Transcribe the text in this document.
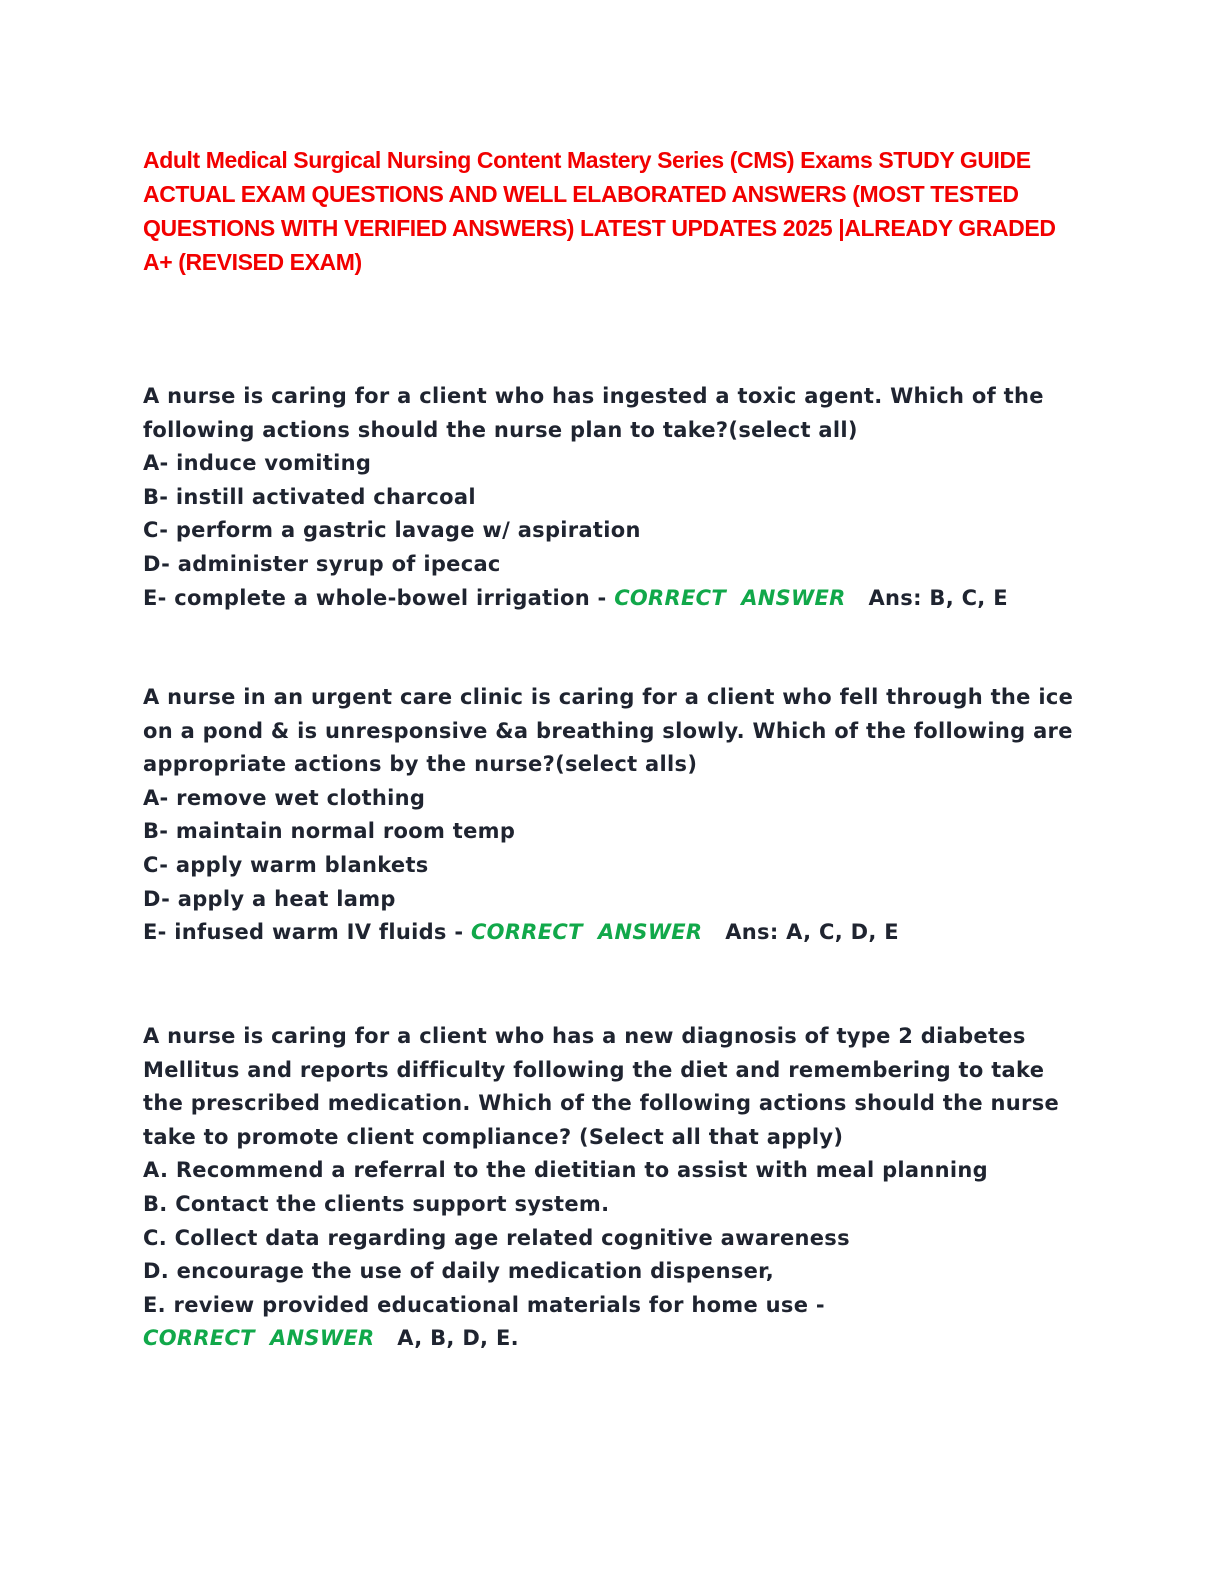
Adult Medical Surgical Nursing Content Mastery Series (CMS) Exams STUDY GUIDE ACTUAL EXAM QUESTIONS AND WELL ELABORATED ANSWERS (MOST TESTED QUESTIONS WITH VERIFIED ANSWERS) LATEST UPDATES 2025 |ALREADY GRADED A+ (REVISED EXAM)

A nurse is caring for a client who has ingested a toxic agent. Which of the following actions should the nurse plan to take?(select all)

A- induce vomiting

B- instill activated charcoal

C- perform a gastric lavage w/ aspiration

D- administer syrup of ipecac

E- complete a whole-bowel irrigation - CORRECT  ANSWER Ans: B, C, E

A nurse in an urgent care clinic is caring for a client who fell through the ice on a pond & is unresponsive &a breathing slowly. Which of the following are appropriate actions by the nurse?(select alls)

A- remove wet clothing

B- maintain normal room temp

C- apply warm blankets

D- apply a heat lamp

E- infused warm IV fluids - CORRECT  ANSWER Ans: A, C, D, E

A nurse is caring for a client who has a new diagnosis of type 2 diabetes Mellitus and reports difficulty following the diet and remembering to take the prescribed medication. Which of the following actions should the nurse take to promote client compliance? (Select all that apply)

A. Recommend a referral to the dietitian to assist with meal planning

B. Contact the clients support system.

C. Collect data regarding age related cognitive awareness

D. encourage the use of daily medication dispenser,

E. review provided educational materials for home use - CORRECT  ANSWER A, B, D, E.
